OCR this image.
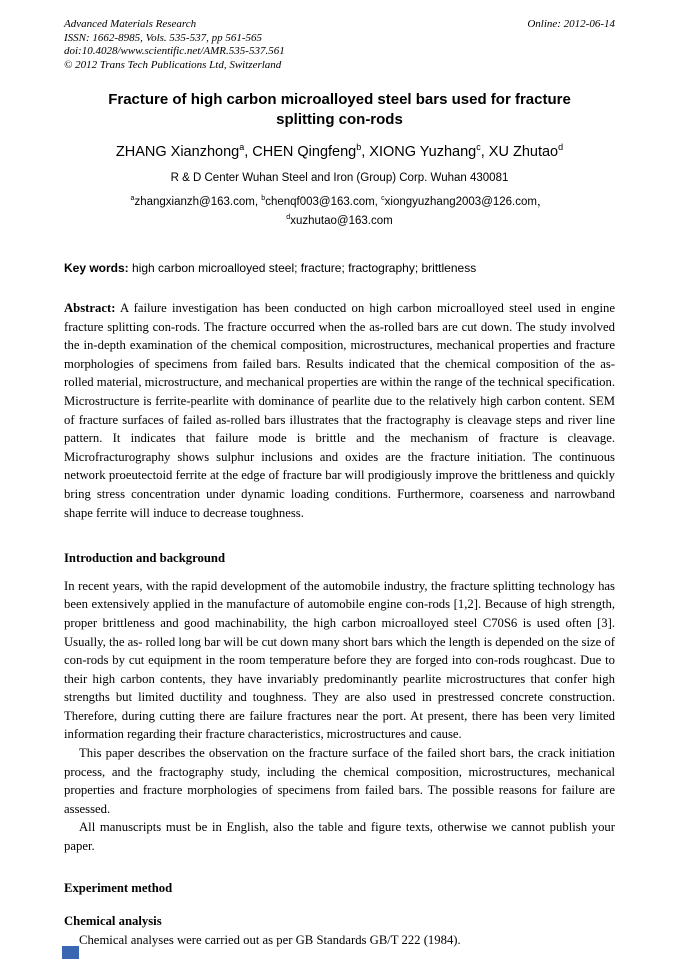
Advanced Materials Research
ISSN: 1662-8985, Vols. 535-537, pp 561-565
doi:10.4028/www.scientific.net/AMR.535-537.561
© 2012 Trans Tech Publications Ltd, Switzerland
Online: 2012-06-14
Fracture of high carbon microalloyed steel bars used for fracture splitting con-rods
ZHANG Xianzhong$^a$, CHEN Qingfeng$^b$, XIONG Yuzhang$^c$, XU Zhutao$^d$
R & D Center Wuhan Steel and Iron (Group) Corp. Wuhan 430081
$^a$zhangxianzh@163.com, $^b$chenqf003@163.com, $^c$xiongyuzhang2003@126.com，
$^d$xuzhutao@163.com
Key words: high carbon microalloyed steel; fracture; fractography; brittleness
Abstract: A failure investigation has been conducted on high carbon microalloyed steel used in engine fracture splitting con-rods. The fracture occurred when the as-rolled bars are cut down. The study involved the in-depth examination of the chemical composition, microstructures, mechanical properties and fracture morphologies of specimens from failed bars. Results indicated that the chemical composition of the as-rolled material, microstructure, and mechanical properties are within the range of the technical specification. Microstructure is ferrite-pearlite with dominance of pearlite due to the relatively high carbon content. SEM of fracture surfaces of failed as-rolled bars illustrates that the fractography is cleavage steps and river line pattern. It indicates that failure mode is brittle and the mechanism of fracture is cleavage. Microfracturography shows sulphur inclusions and oxides are the fracture initiation. The continuous network proeutectoid ferrite at the edge of fracture bar will prodigiously improve the brittleness and quickly bring stress concentration under dynamic loading conditions. Furthermore, coarseness and narrowband shape ferrite will induce to decrease toughness.
Introduction and background
In recent years, with the rapid development of the automobile industry, the fracture splitting technology has been extensively applied in the manufacture of automobile engine con-rods [1,2]. Because of high strength, proper brittleness and good machinability, the high carbon microalloyed steel C70S6 is used often [3]. Usually, the as- rolled long bar will be cut down many short bars which the length is depended on the size of con-rods by cut equipment in the room temperature before they are forged into con-rods roughcast. Due to their high carbon contents, they have invariably predominantly pearlite microstructures that confer high strengths but limited ductility and toughness. They are also used in prestressed concrete construction. Therefore, during cutting there are failure fractures near the port. At present, there has been very limited information regarding their fracture characteristics, microstructures and cause.
This paper describes the observation on the fracture surface of the failed short bars, the crack initiation process, and the fractography study, including the chemical composition, microstructures, mechanical properties and fracture morphologies of specimens from failed bars. The possible reasons for failure are assessed.
All manuscripts must be in English, also the table and figure texts, otherwise we cannot publish your paper.
Experiment method
Chemical analysis
Chemical analyses were carried out as per GB Standards GB/T 222 (1984).
